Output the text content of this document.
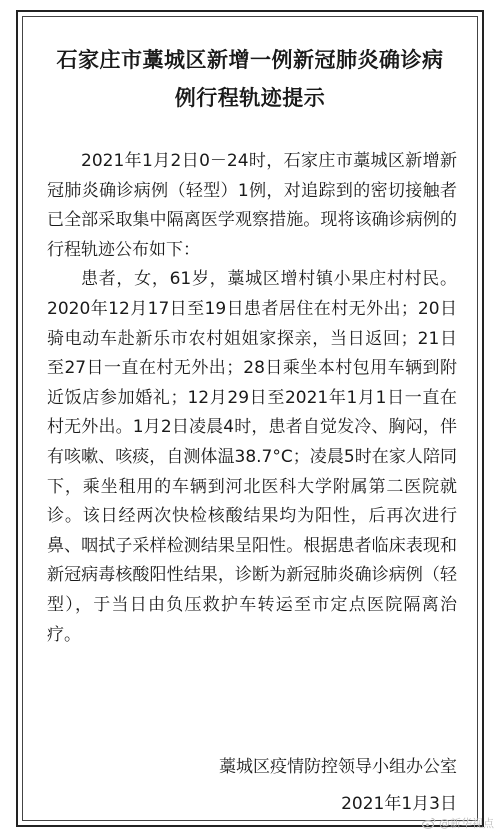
石家庄市藁城区新增一例新冠肺炎确诊病
例行程轨迹提示

2021年1月2日0－24时，石家庄市藁城区新增新冠肺炎确诊病例（轻型）1例，对追踪到的密切接触者已全部采取集中隔离医学观察措施。现将该确诊病例的行程轨迹公布如下：

患者，女，61岁，藁城区增村镇小果庄村村民。2020年12月17日至19日患者居住在村无外出；20日骑电动车赴新乐市农村姐姐家探亲，当日返回；21日至27日一直在村无外出；28日乘坐本村包用车辆到附近饭店参加婚礼；12月29日至2021年1月1日一直在村无外出。1月2日凌晨4时，患者自觉发冷、胸闷，伴有咳嗽、咳痰，自测体温38.7°C；凌晨5时在家人陪同下，乘坐租用的车辆到河北医科大学附属第二医院就诊。该日经两次快检核酸结果均为阳性，后再次进行鼻、咽拭子采样检测结果呈阳性。根据患者临床表现和新冠病毒核酸阳性结果，诊断为新冠肺炎确诊病例（轻型），于当日由负压救护车转运至市定点医院隔离治疗。

藁城区疫情防控领导小组办公室
2021年1月3日
@新华视点
